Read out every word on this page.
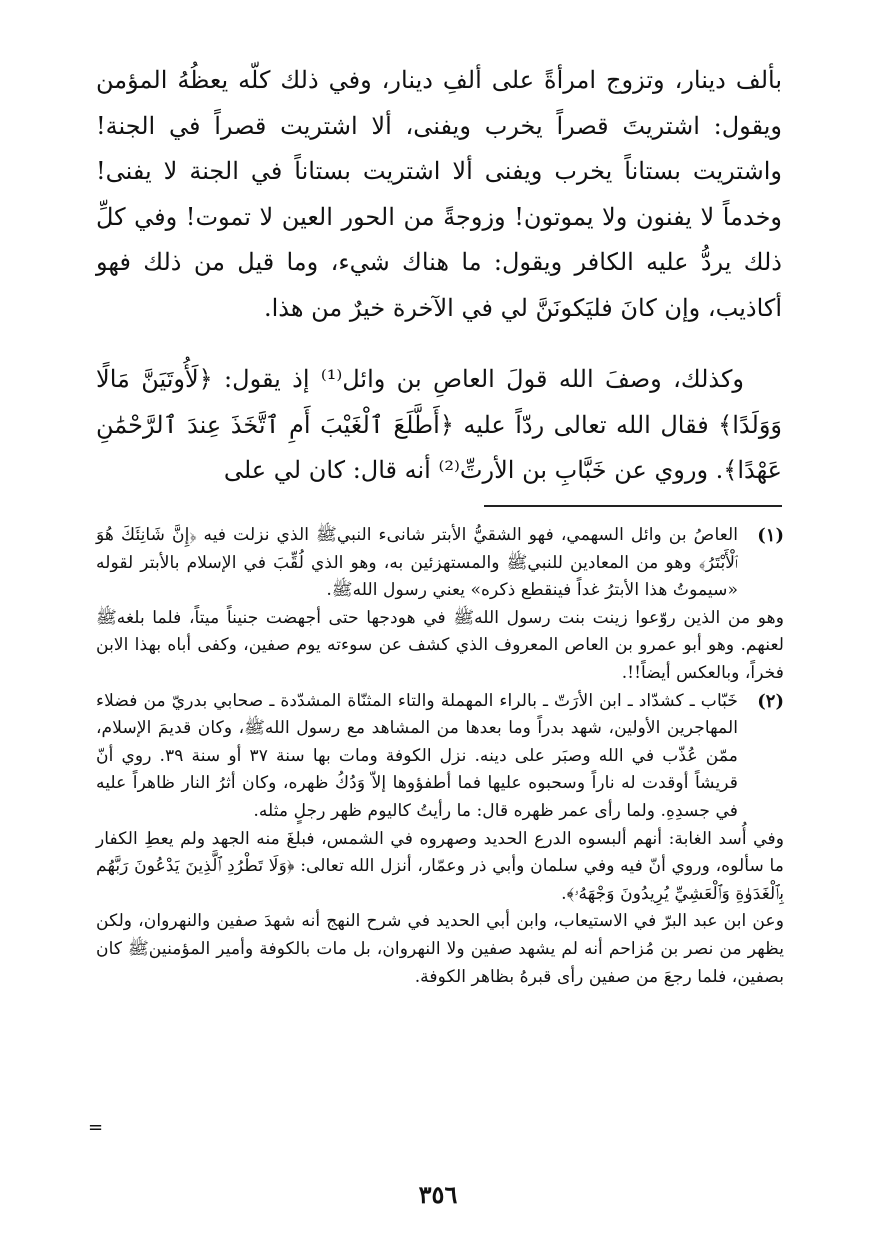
بألف دينار، وتزوج امرأةً على ألفِ دينار، وفي ذلك كلّه يعظُهُ المؤمن ويقول: اشتريتَ قصراً يخرب ويفنى، ألا اشتريت قصراً في الجنة! واشتريت بستاناً يخرب ويفنى ألا اشتريت بستاناً في الجنة لا يفنى! وخدماً لا يفنون ولا يموتون! وزوجةً من الحور العين لا تموت! وفي كلِّ ذلك يردُّ عليه الكافر ويقول: ما هناك شيء، وما قيل من ذلك فهو أكاذيب، وإن كانَ فليَكونَنَّ لي في الآخرة خيرٌ من هذا.

وكذلك، وصفَ الله قولَ العاصِ بن وائل⁽¹⁾ إذ يقول: ﴿لَأُوتَيَنَّ مَالًا وَوَلَدًا﴾ فقال الله تعالى ردّاً عليه ﴿أَطَّلَعَ ٱلْغَيْبَ أَمِ ٱتَّخَذَ عِندَ ٱلرَّحْمَٰنِ عَهْدًا﴾. وروي عن خَبَّابِ بن الأرتِّ⁽²⁾ أنه قال: كان لي على

(١)

العاصُ بن وائل السهمي، فهو الشقيُّ الأبتر شانىء النبيﷺ الذي نزلت فيه ﴿إِنَّ شَانِئَكَ هُوَ ٱلْأَبْتَرُ﴾ وهو من المعادين للنبيﷺ والمستهزئين به، وهو الذي لُقِّبَ في الإسلام بالأبتر لقوله «سيموتُ هذا الأبترُ غداً فينقطع ذكره» يعني رسول اللهﷺ.

وهو من الذين روّعوا زينت بنت رسول اللهﷺ في هودجها حتى أجهضت جنيناً ميتاً، فلما بلغهﷺ لعنهم. وهو أبو عمرو بن العاص المعروف الذي كشف عن سوءته يوم صفين، وكفى أباه بهذا الابن فخراً، وبالعكس أيضاً!!.

(٢)

خَبّاب ـ كشدّاد ـ ابن الأرَتّ ـ بالراء المهملة والتاء المثنّاة المشدّدة ـ صحابي بدريّ من فضلاء المهاجرين الأولين، شهد بدراً وما بعدها من المشاهد مع رسول اللهﷺ، وكان قديمَ الإسلام، ممّن عُذّب في الله وصبَر على دينه. نزل الكوفة ومات بها سنة ٣٧ أو سنة ٣٩. روي أنّ قريشاً أوقدت له ناراً وسحبوه عليها فما أطفؤوها إلاّ وَدُكُ ظهره، وكان أثرُ النار ظاهراً عليه في جسدِهِ. ولما رأى عمر ظهره قال: ما رأيتُ كاليوم ظهر رجلٍ مثله.

وفي أُسد الغابة: أنهم ألبسوه الدرع الحديد وصهروه في الشمس، فبلغَ منه الجهد ولم يعطِ الكفار ما سألوه، وروي أنّ فيه وفي سلمان وأبي ذر وعمّار، أنزل الله تعالى: ﴿وَلَا تَطْرُدِ ٱلَّذِينَ يَدْعُونَ رَبَّهُم بِٱلْغَدَوٰةِ وَٱلْعَشِيِّ يُرِيدُونَ وَجْهَهُۥ﴾.

وعن ابن عبد البرّ في الاستيعاب، وابن أبي الحديد في شرح النهج أنه شهدَ صفين والنهروان، ولكن يظهر من نصر بن مُزاحم أنه لم يشهد صفين ولا النهروان، بل مات بالكوفة وأمير المؤمنينﷺ كان بصفين، فلما رجعَ من صفين رأى قبرهُ بظاهر الكوفة.

=
٣٥٦
